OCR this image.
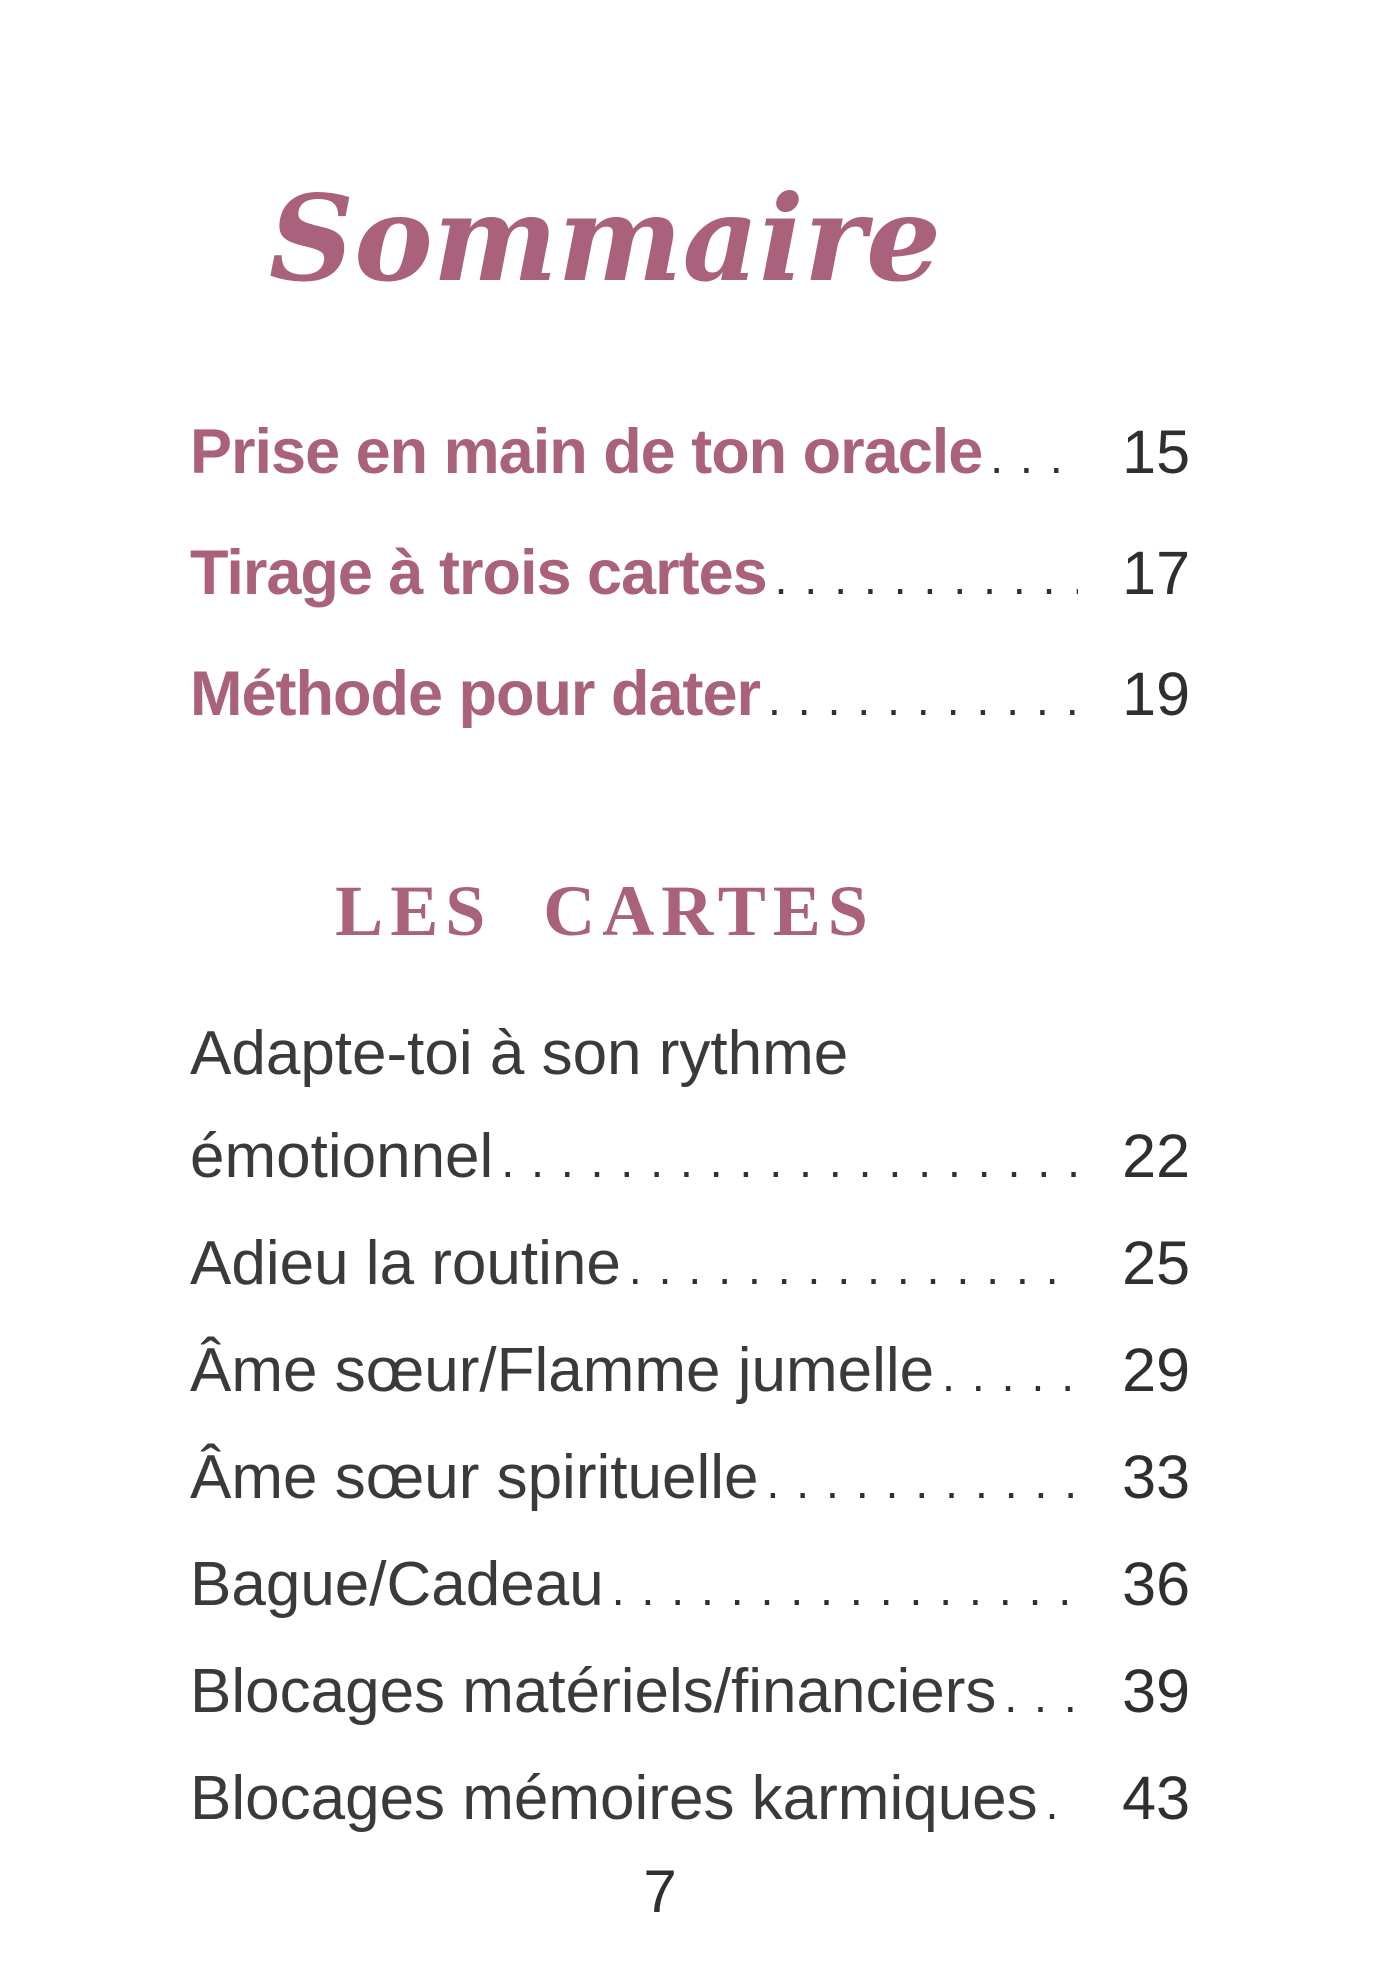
Sommaire
Prise en main de ton oracle .....	15
Tirage à trois cartes .....	17
Méthode pour dater .....	19
LES CARTES
Adapte-toi à son rythme
émotionnel .....	22
Adieu la routine .....	25
Âme sœur/Flamme jumelle .....	29
Âme sœur spirituelle .....	33
Bague/Cadeau .....	36
Blocages matériels/financiers .....	39
Blocages mémoires karmiques .....	43
7
